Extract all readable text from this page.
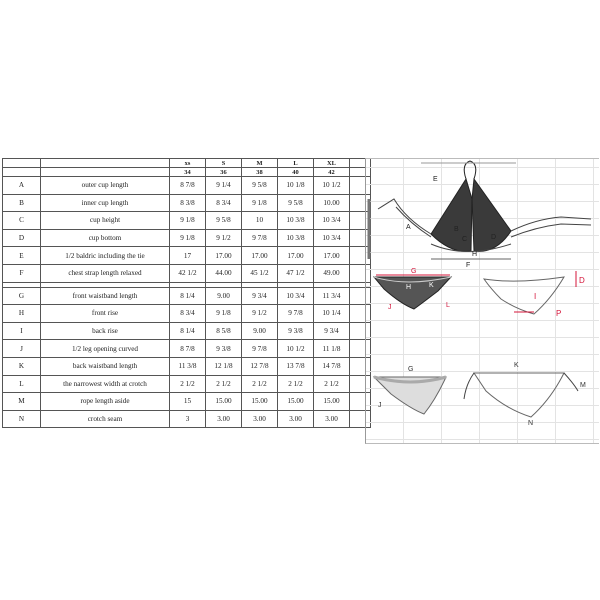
		xs	S	M	L	XL	
		34	36	38	40	42	
A	outer cup length	8 7/8	9 1/4	9 5/8	10 1/8	10 1/2	
B	inner cup length	8 3/8	8 3/4	9 1/8	9 5/8	10.00	
C	cup height	9 1/8	9 5/8	10	10 3/8	10 3/4	
D	cup bottom	9 1/8	9 1/2	9 7/8	10 3/8	10 3/4	
E	1/2 baldric including the tie	17	17.00	17.00	17.00	17.00	
F	chest strap length relaxed	42 1/2	44.00	45 1/2	47 1/2	49.00	

G	front waistband length	8 1/4	9.00	9 3/4	10 3/4	11 3/4	
H	front rise	8 3/4	9 1/8	9 1/2	9 7/8	10 1/4	
I	back rise	8 1/4	8 5/8	9.00	9 3/8	9 3/4	
J	1/2 leg opening curved	8 7/8	9 3/8	9 7/8	10 1/2	11 1/8	
K	back waistband length	11 3/8	12 1/8	12 7/8	13 7/8	14 7/8	
L	the narrowest width at crotch	2 1/2	2 1/2	2 1/2	2 1/2	2 1/2	
M	rope length aside	15	15.00	15.00	15.00	15.00	
N	crotch seam	3	3.00	3.00	3.00	3.00	
E
A	B
C	D
H
F
G
H	K
J	L
I
D
P
G
J
K
N
M
